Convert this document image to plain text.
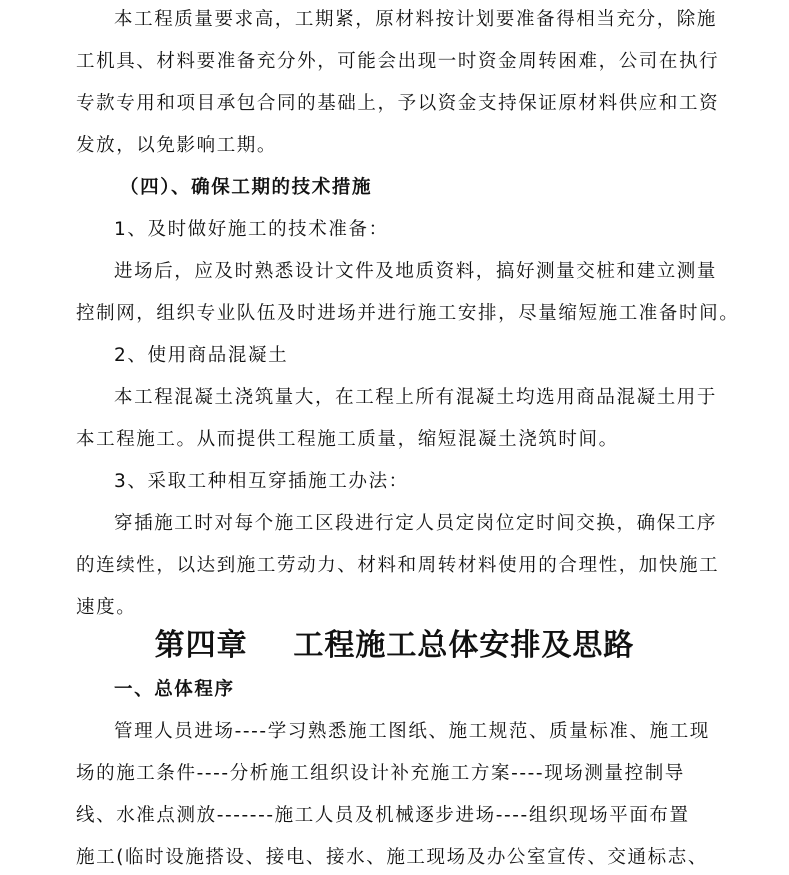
本工程质量要求高，工期紧，原材料按计划要准备得相当充分，除施
工机具、材料要准备充分外，可能会出现一时资金周转困难，公司在执行
专款专用和项目承包合同的基础上，予以资金支持保证原材料供应和工资
发放，以免影响工期。
（四）、确保工期的技术措施
1、及时做好施工的技术准备：
进场后，应及时熟悉设计文件及地质资料，搞好测量交桩和建立测量
控制网，组织专业队伍及时进场并进行施工安排，尽量缩短施工准备时间。
2、使用商品混凝土
本工程混凝土浇筑量大，在工程上所有混凝土均选用商品混凝土用于
本工程施工。从而提供工程施工质量，缩短混凝土浇筑时间。
3、采取工种相互穿插施工办法：
穿插施工时对每个施工区段进行定人员定岗位定时间交换，确保工序
的连续性，以达到施工劳动力、材料和周转材料使用的合理性，加快施工
速度。
第四章    工程施工总体安排及思路
一、总体程序
管理人员进场----学习熟悉施工图纸、施工规范、质量标准、施工现
场的施工条件----分析施工组织设计补充施工方案----现场测量控制导
线、水准点测放-------施工人员及机械逐步进场----组织现场平面布置
施工(临时设施搭设、接电、接水、施工现场及办公室宣传、交通标志、
